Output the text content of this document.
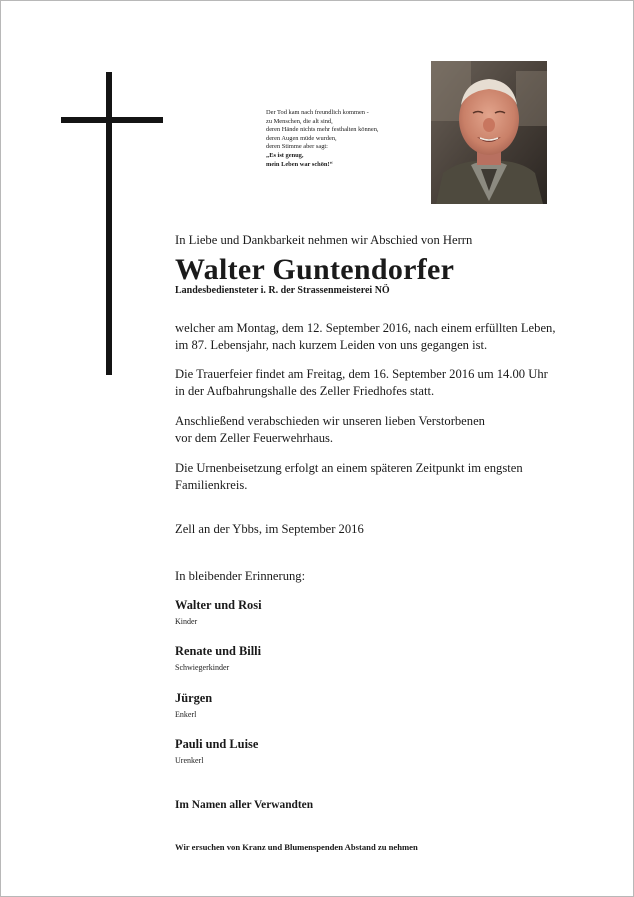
Der Tod kam nach freundlich kommen -
zu Menschen, die alt sind,
deren Hände nichts mehr festhalten können,
deren Augen müde wurden,
deren Stimme aber sagt:
„Es ist genug,
mein Leben war schön!“
In Liebe und Dankbarkeit nehmen wir Abschied von Herrn
Walter Guntendorfer
Landesbediensteter i. R. der Strassenmeisterei NÖ
welcher am Montag, dem 12. September 2016, nach einem erfüllten Leben,
im 87. Lebensjahr, nach kurzem Leiden von uns gegangen ist.
Die Trauerfeier findet am Freitag, dem 16. September 2016 um 14.00 Uhr
in der Aufbahrungshalle des Zeller Friedhofes statt.
Anschließend verabschieden wir unseren lieben Verstorbenen
vor dem Zeller Feuerwehrhaus.
Die Urnenbeisetzung erfolgt an einem späteren Zeitpunkt im engsten
Familienkreis.
Zell an der Ybbs, im September 2016
In bleibender Erinnerung:
Walter und Rosi
Kinder
Renate und Billi
Schwiegerkinder
Jürgen
Enkerl
Pauli und Luise
Urenkerl
Im Namen aller Verwandten
Wir ersuchen von Kranz und Blumenspenden Abstand zu nehmen
